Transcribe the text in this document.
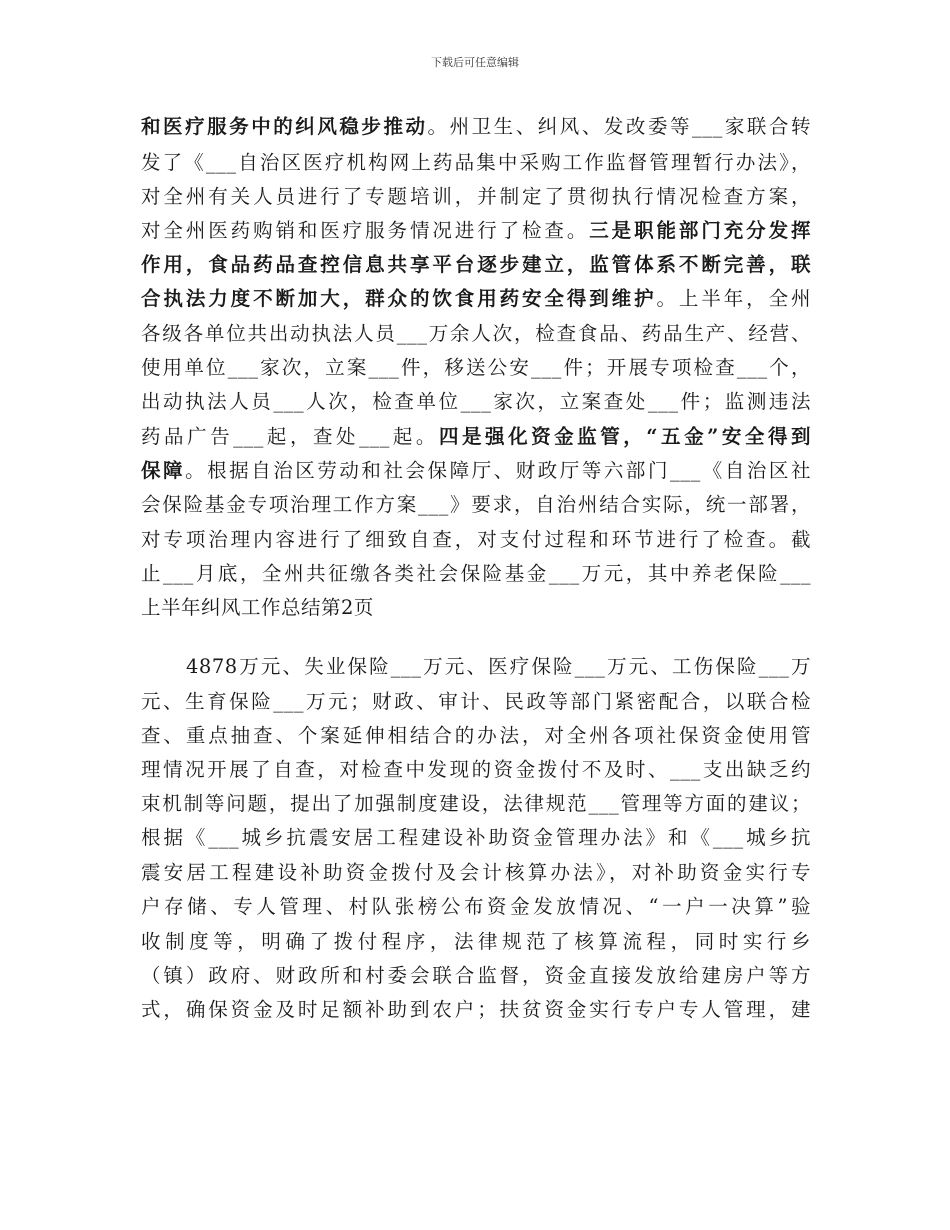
下载后可任意编辑
和医疗服务中的纠风稳步推动。州卫生、纠风、发改委等___家联合转
发了《___自治区医疗机构网上药品集中采购工作监督管理暂行办法》，
对全州有关人员进行了专题培训，并制定了贯彻执行情况检查方案，
对全州医药购销和医疗服务情况进行了检查。三是职能部门充分发挥
作用，食品药品查控信息共享平台逐步建立，监管体系不断完善，联
合执法力度不断加大，群众的饮食用药安全得到维护。上半年，全州
各级各单位共出动执法人员___万余人次，检查食品、药品生产、经营、
使用单位___家次，立案___件，移送公安___件；开展专项检查___个，
出动执法人员___人次，检查单位___家次，立案查处___件；监测违法
药品广告___起，查处___起。四是强化资金监管，“五金”安全得到
保障。根据自治区劳动和社会保障厅、财政厅等六部门___《自治区社
会保险基金专项治理工作方案___》要求，自治州结合实际，统一部署，
对专项治理内容进行了细致自查，对支付过程和环节进行了检查。截
止___月底，全州共征缴各类社会保险基金___万元，其中养老保险___
上半年纠风工作总结第2页
4878万元、失业保险___万元、医疗保险___万元、工伤保险___万
元、生育保险___万元；财政、审计、民政等部门紧密配合，以联合检
查、重点抽查、个案延伸相结合的办法，对全州各项社保资金使用管
理情况开展了自查，对检查中发现的资金拨付不及时、___支出缺乏约
束机制等问题，提出了加强制度建设，法律规范___管理等方面的建议；
根据《___城乡抗震安居工程建设补助资金管理办法》和《___城乡抗
震安居工程建设补助资金拨付及会计核算办法》，对补助资金实行专
户存储、专人管理、村队张榜公布资金发放情况、“一户一决算”验
收制度等，明确了拨付程序，法律规范了核算流程，同时实行乡
（镇）政府、财政所和村委会联合监督，资金直接发放给建房户等方
式，确保资金及时足额补助到农户；扶贫资金实行专户专人管理，建
